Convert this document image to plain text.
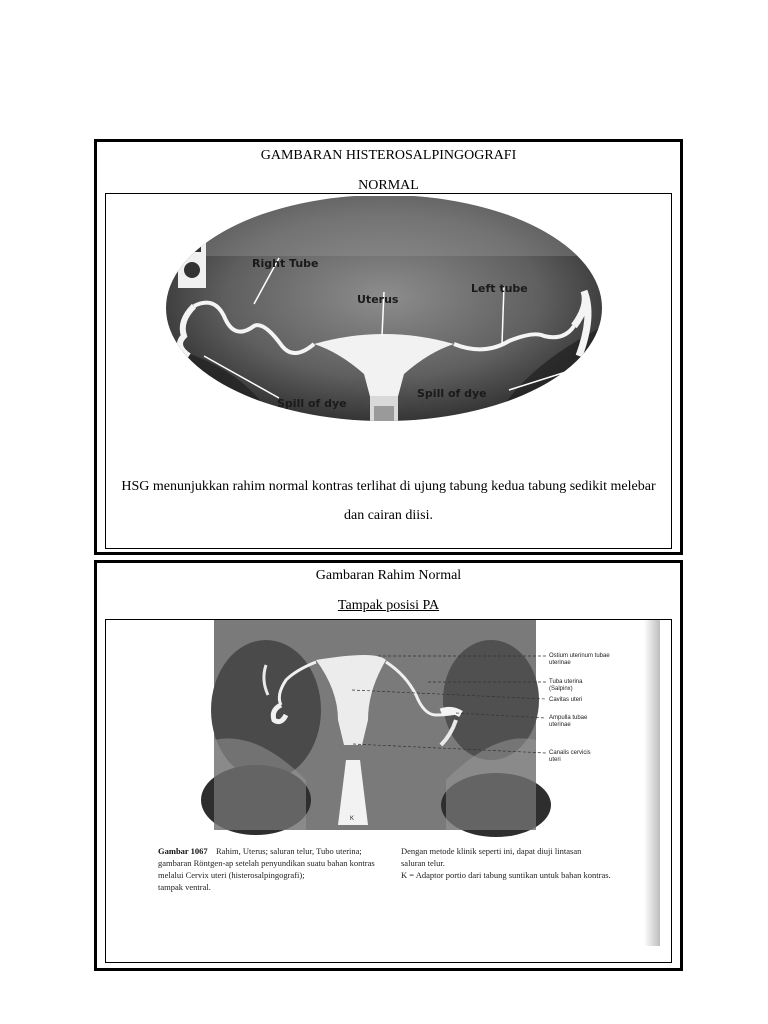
GAMBARAN HISTEROSALPINGOGRAFI
NORMAL
Right Tube
Uterus
Left tube
Spill of dye
Spill of dye
HSG menunjukkan rahim normal kontras terlihat di ujung tabung kedua tabung sedikit melebar dan cairan diisi.
Gambaran Rahim Normal
Tampak posisi PA
K
Ostium uterinum tubae
uterinae
Tuba uterina
(Salpinx)
Cavitas uteri
Ampulla tubae
uterinae
Canalis cervicis
uteri
Gambar 1067 Rahim, Uterus; saluran telur, Tubo uterina;
gambaran Röntgen-ap setelah penyundikan suatu bahan kontras
melalui Cervix uteri (histerosalpingografi);
tampak ventral.
Dengan metode klinik seperti ini, dapat diuji lintasan
saluran telur.
K = Adaptor portio dari tabung suntikan untuk bahan kontras.
